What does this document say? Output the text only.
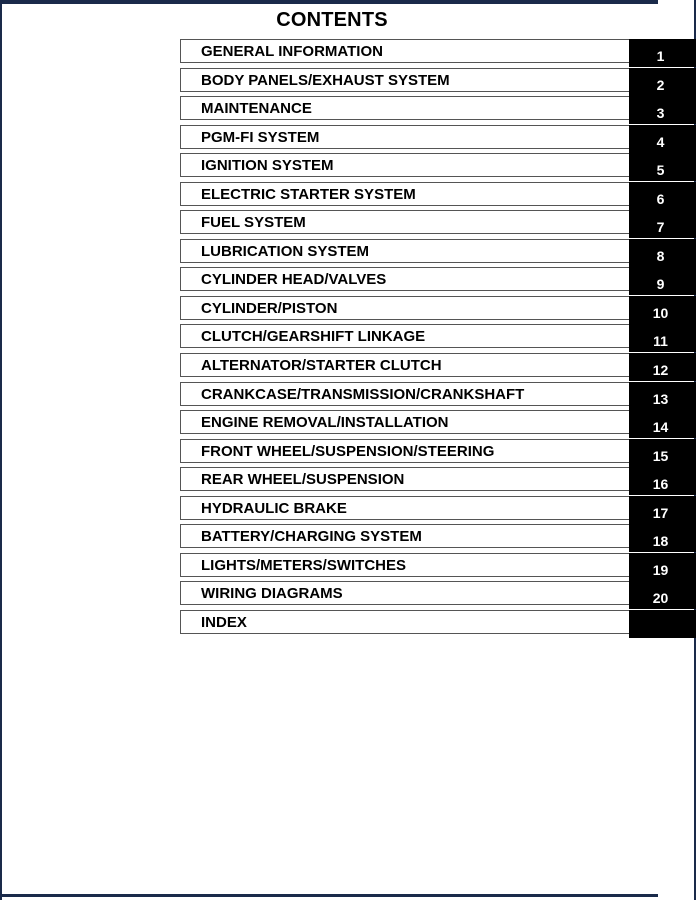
CONTENTS
GENERAL INFORMATION	1
BODY PANELS/EXHAUST SYSTEM	2
MAINTENANCE	3
PGM-FI SYSTEM	4
IGNITION SYSTEM	5
ELECTRIC STARTER SYSTEM	6
FUEL SYSTEM	7
LUBRICATION SYSTEM	8
CYLINDER HEAD/VALVES	9
CYLINDER/PISTON	10
CLUTCH/GEARSHIFT LINKAGE	11
ALTERNATOR/STARTER CLUTCH	12
CRANKCASE/TRANSMISSION/CRANKSHAFT	13
ENGINE REMOVAL/INSTALLATION	14
FRONT WHEEL/SUSPENSION/STEERING	15
REAR WHEEL/SUSPENSION	16
HYDRAULIC BRAKE	17
BATTERY/CHARGING SYSTEM	18
LIGHTS/METERS/SWITCHES	19
WIRING DIAGRAMS	20
INDEX
